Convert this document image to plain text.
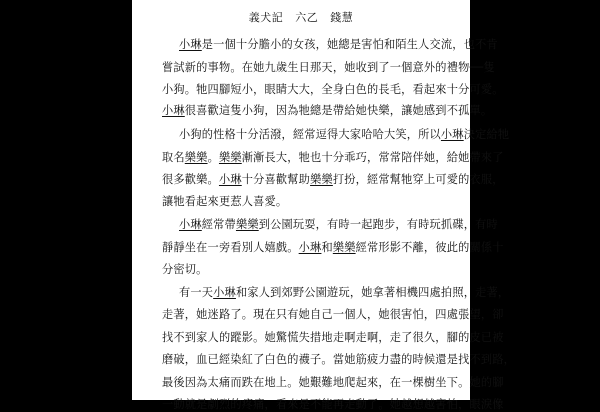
義犬記   六乙   錢慧
小琳是一個十分膽小的女孩，她總是害怕和陌生人交流，也不肯
嘗試新的事物。在她九歲生日那天，她收到了一個意外的禮物──隻
小狗。牠四腳短小，眼睛大大，全身白色的長毛，看起來十分可愛。
小琳很喜歡這隻小狗，因為牠總是帶給她快樂，讓她感到不孤單。
小狗的性格十分活潑，經常逗得大家哈哈大笑，所以小琳決定給牠
取名樂樂。樂樂漸漸長大，牠也十分乖巧，常常陪伴她，給她帶來了
很多歡樂。小琳十分喜歡幫助樂樂打扮，經常幫牠穿上可愛的衣服，
讓牠看起來更惹人喜愛。
小琳經常帶樂樂到公園玩耍，有時一起跑步，有時玩抓碟，有時
靜靜坐在一旁看別人嬉戲。小琳和樂樂經常形影不離，彼此的關係十
分密切。
有一天小琳和家人到郊野公園遊玩，她拿著相機四處拍照，走著，
走著，她迷路了。現在只有她自己一個人，她很害怕，四處張望，卻
找不到家人的蹤影。她驚慌失措地走啊走啊，走了很久，腳的皮已被
磨破，血已經染紅了白色的襪子。當她筋疲力盡的時候還是找不到路，
最後因為太痛而跌在地上。她艱難地爬起來，在一棵樹坐下。她的腳
一動就是劇烈的疼痛，看來是不能再走動了。她越想越害怕，眼淚像
